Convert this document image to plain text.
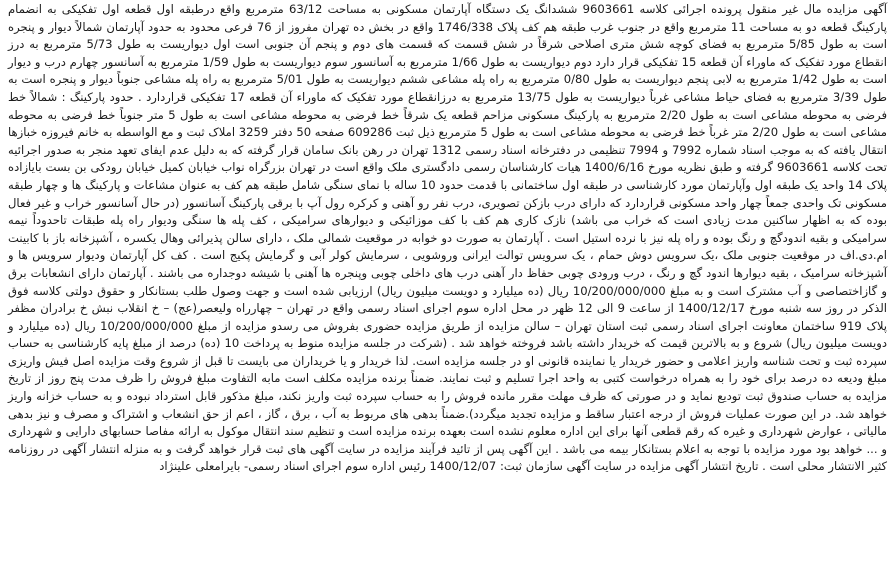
آگهی مزایده مال غیر منقول پرونده اجرائی کلاسه 9603661 ششدانگ یک دستگاه آپارتمان مسکونی به مساحت 63/12 مترمربع واقع درطبقه اول قطعه اول تفکیکی به انضمام پارکینگ قطعه دو به مساحت 11 مترمربع واقع در جنوب غرب طبقه هم کف پلاک 1746/338 واقع در بخش ده تهران مفروز از 76 فرعی محدود به حدود آپارتمان شمالاً دیوار و پنجره است به طول 5/85 مترمربع به فضای کوچه شش متری اصلاحی شرقاً در شش قسمت که قسمت های دوم و پنجم آن جنوبی است اول دیواریست به طول 5/73 مترمربع به درز انقطاع مورد تفکیک که ماوراء آن قطعه 15 تفکیکی قرار دارد دوم دیواریست به طول 1/66 مترمربع به آسانسور سوم دیواریست به طول 1/59 مترمربع به آسانسور چهارم درب و دیوار است به طول 1/42 مترمربع به لابی پنجم دیواریست به طول 0/80 مترمربع به راه پله مشاعی ششم دیواریست به طول 5/01 مترمربع به راه پله مشاعی جنوباً دیوار و پنجره است به طول 3/39 مترمربع به فضای حیاط مشاعی غرباً دیواریست به طول 13/75 مترمربع به درزانقطاع مورد تفکیک که ماوراء آن قطعه 17 تفکیکی قراردارد . حدود پارکینگ : شمالاً خط فرضی به محوطه مشاعی است به طول 2/20 مترمربع به پارکینگ مسکونی مزاحم قطعه یک شرقاً خط فرضی به محوطه مشاعی است به طول 5 متر جنوباً خط فرضی به محوطه مشاعی است به طول 2/20 متر غرباً خط فرضی به محوطه مشاعی است به طول 5 مترمربع ذیل ثبت 609286 صفحه 50 دفتر 3259 املاک ثبت و مع الواسطه به خانم فیروزه خبازها انتقال یافته که به موجب اسناد شماره 7992 و 7994 تنظیمی در دفترخانه اسناد رسمی 1312 تهران در رهن بانک سامان قرار گرفته که به دلیل عدم ایفای تعهد منجر به صدور اجرائیه تحت کلاسه 9603661 گرفته و طبق نظریه مورخ 1400/6/16 هیات کارشناسان رسمی دادگستری ملک واقع است در تهران بزرگراه نواب خیابان کمیل خیابان رودکی بن بست بایازاده پلاک 14 واحد یک طبقه اول وآپارتمان مورد کارشناسی در طبقه اول ساختمانی با قدمت حدود 10 ساله با نمای سنگی شامل طبقه هم کف به عنوان مشاعات و پارکینگ ها و چهار طبقه مسکونی تک واحدی جمعاً چهار واحد مسکونی قراردارد که دارای درب بازکن تصویری، درب نفر رو آهنی و کرکره رول آپ با برقی پارکینگ آسانسور (در حال آسانسور خراب و غیر فعال بوده که به اظهار ساکنین مدت زیادی است که خراب می باشد) نازک کاری هم کف با کف موزائیکی و دیوارهای سرامیکی ، کف پله ها سنگی ودیوار راه پله طبقات تاحدوداً نیمه سرامیکی و بقیه اندودگچ و رنگ بوده و راه پله نیز با نرده استیل است . آپارتمان به صورت دو خوابه در موقعیت شمالی ملک ، دارای سالن پذیرائی وهال یکسره ، آشپزخانه باز با کابینت ام.دی.اف در موقعیت جنوبی ملک ،یک سرویس دوش حمام ، یک سرویس توالت ایرانی وروشویی ، سرمایش کولر آبی و گرمایش پکیج است . کف کل آپارتمان ودیوار سرویس ها و آشپزخانه سرامیک ، بقیه دیوارها اندود گچ و رنگ ، درب ورودی چوبی حفاظ دار آهنی درب های داخلی چوبی وپنجره ها آهنی با شیشه دوجداره می باشند . آپارتمان دارای انشعابات برق و گازاختصاصی و آب مشترک است و به مبلغ 10/200/000/000 ریال (ده میلیارد و دویست میلیون ریال) ارزیابی شده است و جهت وصول طلب بستانکار و حقوق دولتی کلاسه فوق الذکر در روز سه شنبه مورخ 1400/12/17 از ساعت 9 الی 12 ظهر در محل اداره سوم اجرای اسناد رسمی واقع در تهران – چهارراه ولیعصر(عج) – خ انقلاب نبش خ برادران مظفر پلاک 919 ساختمان معاونت اجرای اسناد رسمی ثبت استان تهران – سالن مزایده از طریق مزایده حضوری بفروش می رسدو مزایده از مبلغ 10/200/000/000 ریال (ده میلیارد و دویست میلیون ریال) شروع و به بالاترین قیمت که خریدار داشته باشد فروخته خواهد شد . (شرکت در جلسه مزایده منوط به پرداخت 10 (ده) درصد از مبلغ پایه کارشناسی به حساب سپرده ثبت و تحت شناسه واریز اعلامی و حضور خریدار یا نماینده قانونی او در جلسه مزایده است. لذا خریدار و یا خریداران می بایست تا قبل از شروع وقت مزایده اصل فیش واریزی مبلغ ودیعه ده درصد برای خود را به همراه درخواست کتبی به واحد اجرا تسلیم و ثبت نمایند. ضمناً برنده مزایده مکلف است مابه التفاوت مبلغ فروش را ظرف مدت پنج روز از تاریخ مزایده به حساب صندوق ثبت تودیع نماید و در صورتی که ظرف مهلت مقرر مانده فروش را به حساب سپرده ثبت واریز نکند، مبلغ مذکور قابل استرداد نبوده و به حساب خزانه واریز خواهد شد. در این صورت عملیات فروش از درجه اعتبار ساقط و مزایده تجدید میگردد).ضمناً بدهی های مربوط به آب ، برق ، گاز ، اعم از حق انشعاب و اشتراک و مصرف و نیز بدهی مالیاتی ، عوارض شهرداری و غیره که رقم قطعی آنها برای این اداره معلوم نشده است بعهده برنده مزایده است و تنظیم سند انتقال موکول به ارائه مفاصا حسابهای دارایی و شهرداری و ... خواهد بود مورد مزایده با توجه به اعلام بستانکار بیمه می باشد . این آگهی پس از تائید فرآیند مزایده در سایت آگهی های ثبت قرار خواهد گرفت و به منزله انتشار آگهی در روزنامه کثیر الانتشار محلی است . تاریخ انتشار آگهی مزایده در سایت آگهی سازمان ثبت: 1400/12/07 رئیس اداره سوم اجرای اسناد رسمی- بایرامعلی علینژاد
